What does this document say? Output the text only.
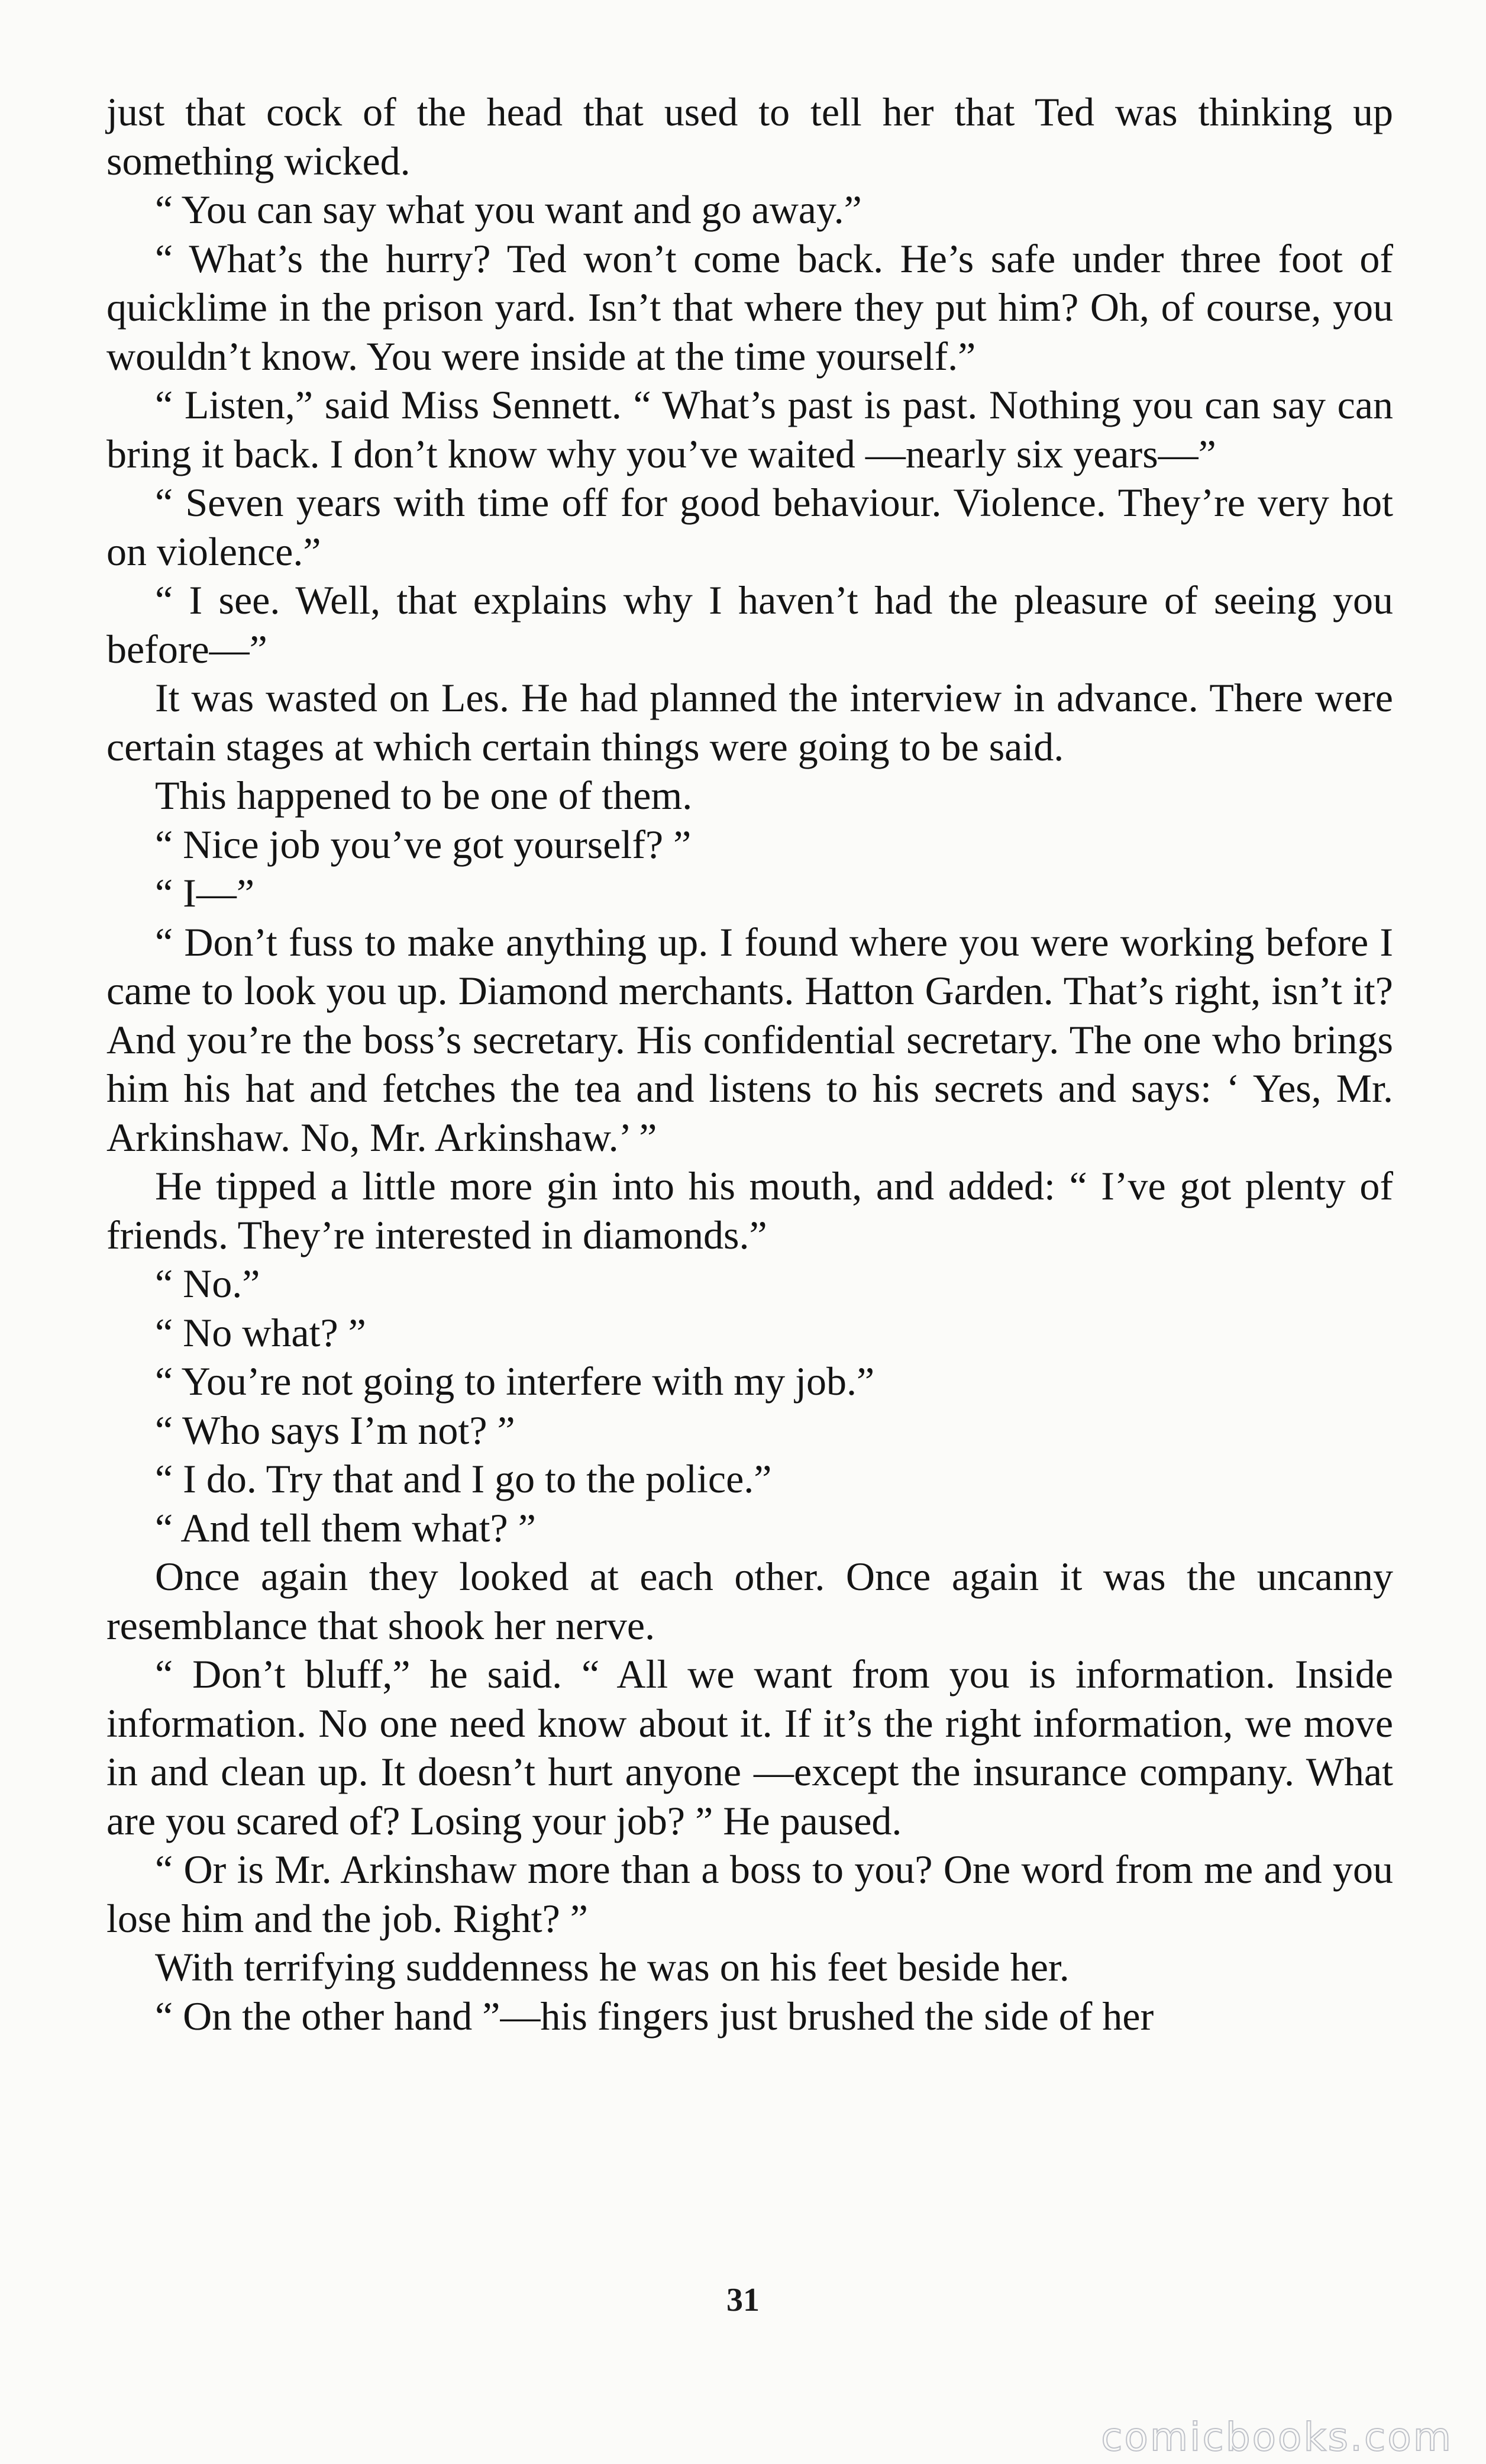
just that cock of the head that used to tell her that Ted was thinking up something wicked.

“ You can say what you want and go away.”

“ What’s the hurry? Ted won’t come back. He’s safe under three foot of quicklime in the prison yard. Isn’t that where they put him? Oh, of course, you wouldn’t know. You were inside at the time yourself.”

“ Listen,” said Miss Sennett. “ What’s past is past. Nothing you can say can bring it back. I don’t know why you’ve waited —nearly six years—”

“ Seven years with time off for good behaviour. Violence. They’re very hot on violence.”

“ I see. Well, that explains why I haven’t had the pleasure of seeing you before—”

It was wasted on Les. He had planned the interview in advance. There were certain stages at which certain things were going to be said.

This happened to be one of them.

“ Nice job you’ve got yourself? ”

“ I—”

“ Don’t fuss to make anything up. I found where you were working before I came to look you up. Diamond merchants. Hatton Garden. That’s right, isn’t it? And you’re the boss’s secretary. His confidential secretary. The one who brings him his hat and fetches the tea and listens to his secrets and says: ‘ Yes, Mr. Arkinshaw. No, Mr. Arkinshaw.’ ”

He tipped a little more gin into his mouth, and added: “ I’ve got plenty of friends. They’re interested in diamonds.”

“ No.”

“ No what? ”

“ You’re not going to interfere with my job.”

“ Who says I’m not? ”

“ I do. Try that and I go to the police.”

“ And tell them what? ”

Once again they looked at each other. Once again it was the uncanny resemblance that shook her nerve.

“ Don’t bluff,” he said. “ All we want from you is information. Inside information. No one need know about it. If it’s the right information, we move in and clean up. It doesn’t hurt anyone —except the insurance company. What are you scared of? Losing your job? ” He paused.

“ Or is Mr. Arkinshaw more than a boss to you? One word from me and you lose him and the job. Right? ”

With terrifying suddenness he was on his feet beside her.

“ On the other hand ”—his fingers just brushed the side of her

31
comicbooks.com
